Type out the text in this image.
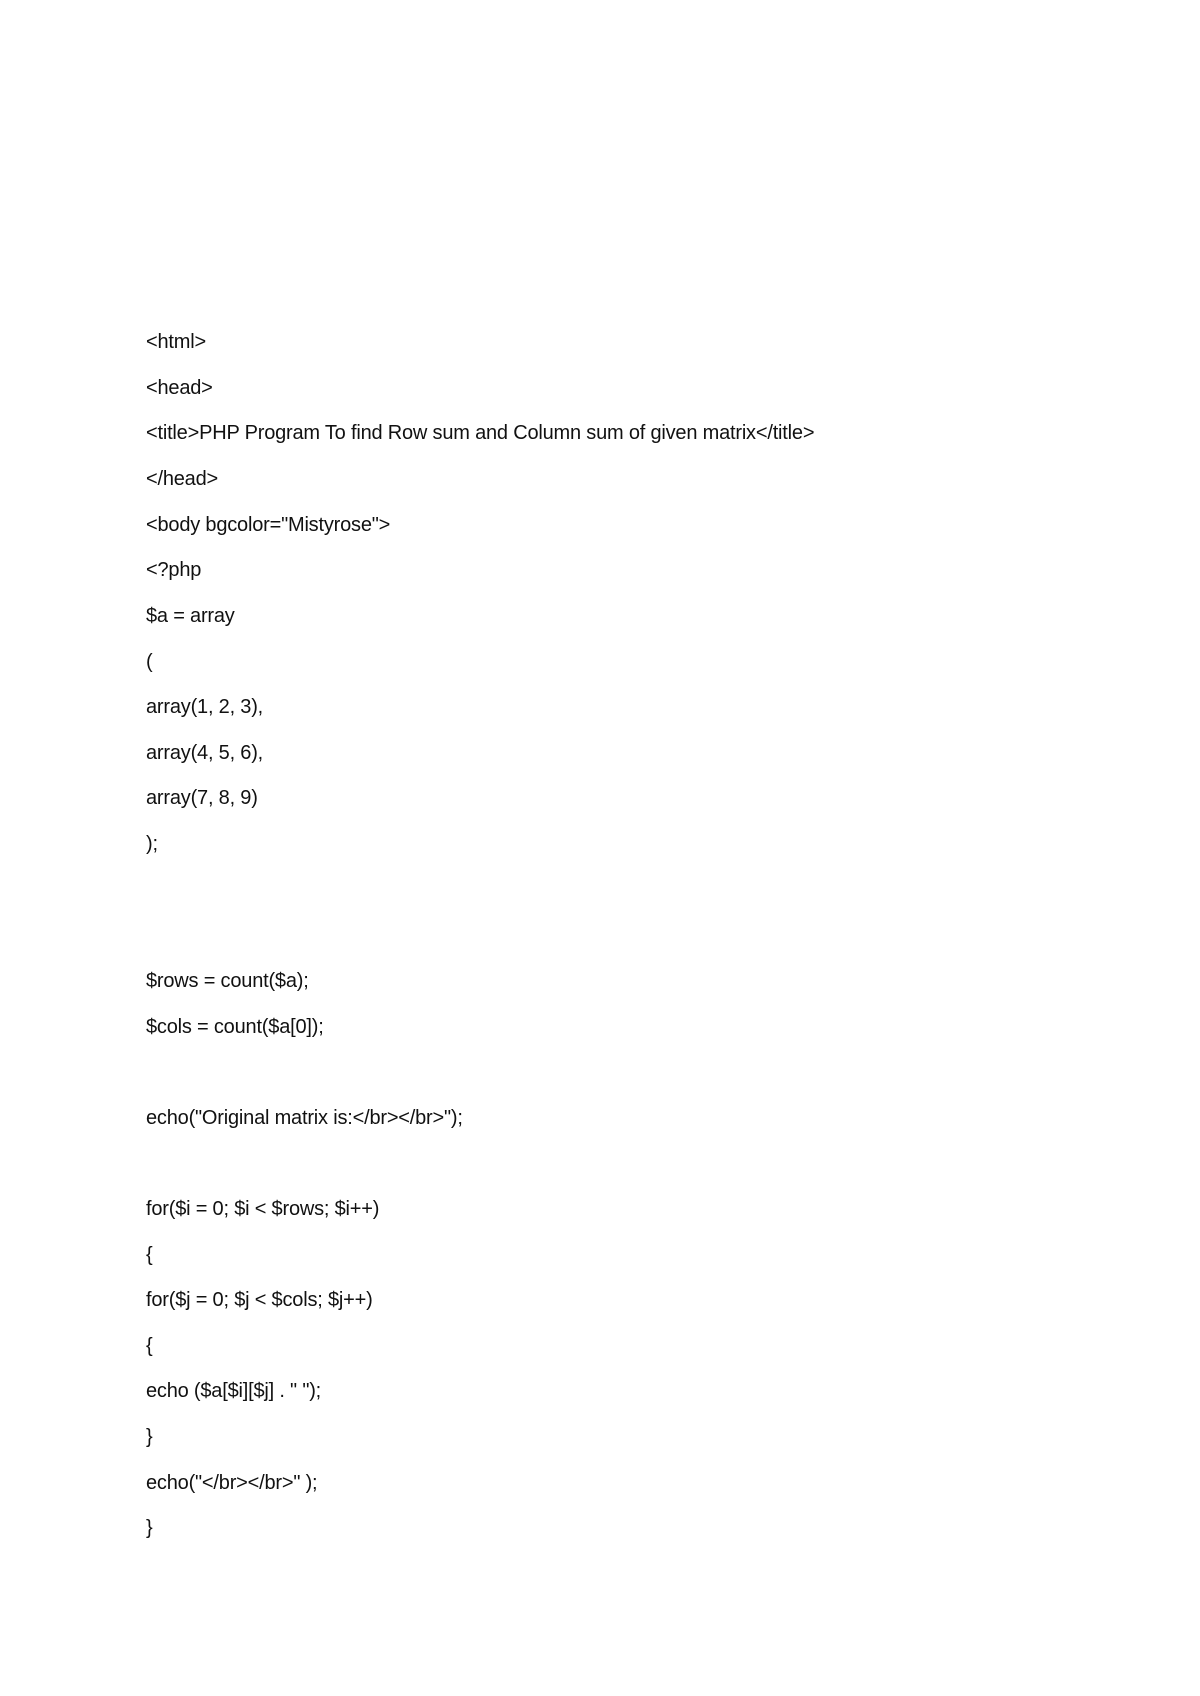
<html>
<head>
<title>PHP Program To find Row sum and Column sum of given matrix</title>
</head>
<body bgcolor="Mistyrose">
<?php
$a = array
(
array(1, 2, 3),
array(4, 5, 6),
array(7, 8, 9)
);
$rows = count($a);
$cols = count($a[0]);
echo("Original matrix is:</br></br>");
for($i = 0; $i < $rows; $i++)
{
for($j = 0; $j < $cols; $j++)
{
echo ($a[$i][$j] . " ");
}
echo("</br></br>" );
}
